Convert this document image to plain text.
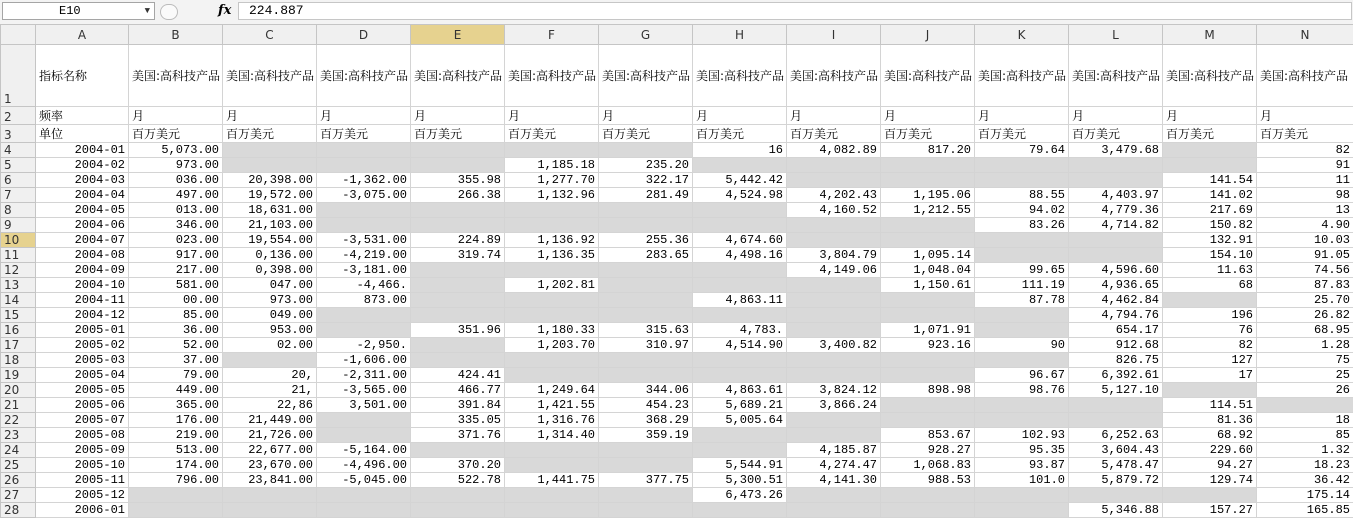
E10	▼	fx	224.887
	A	B	C	D	E	F	G	H	I	J	K	L	M	N
1	指标名称	美国:高科技产品	美国:高科技产品	美国:高科技产品	美国:高科技产品	美国:高科技产品	美国:高科技产品	美国:高科技产品	美国:高科技产品	美国:高科技产品	美国:高科技产品	美国:高科技产品	美国:高科技产品	美国:高科技产品
2	频率	月	月	月	月	月	月	月	月	月	月	月	月	月
3	单位	百万美元	百万美元	百万美元	百万美元	百万美元	百万美元	百万美元	百万美元	百万美元	百万美元	百万美元	百万美元	百万美元
4	2004-01	5,073.00						16	4,082.89	817.20	79.64	3,479.68		82
5	2004-02	973.00				1,185.18	235.20							91
6	2004-03	036.00	20,398.00	-1,362.00	355.98	1,277.70	322.17	5,442.42					141.54	11
7	2004-04	497.00	19,572.00	-3,075.00	266.38	1,132.96	281.49	4,524.98	4,202.43	1,195.06	88.55	4,403.97	141.02	98
8	2004-05	013.00	18,631.00						4,160.52	1,212.55	94.02	4,779.36	217.69	13
9	2004-06	346.00	21,103.00								83.26	4,714.82	150.82	4.90
10	2004-07	023.00	19,554.00	-3,531.00	224.89	1,136.92	255.36	4,674.60					132.91	10.03
11	2004-08	917.00	0,136.00	-4,219.00	319.74	1,136.35	283.65	4,498.16	3,804.79	1,095.14			154.10	91.05
12	2004-09	217.00	0,398.00	-3,181.00					4,149.06	1,048.04	99.65	4,596.60	11.63	74.56
13	2004-10	581.00	047.00	-4,466.		1,202.81				1,150.61	111.19	4,936.65	68	87.83
14	2004-11	00.00	973.00	873.00				4,863.11			87.78	4,462.84		25.70
15	2004-12	85.00	049.00									4,794.76	196	26.82
16	2005-01	36.00	953.00		351.96	1,180.33	315.63	4,783.		1,071.91		654.17	76	68.95
17	2005-02	52.00	02.00	-2,950.		1,203.70	310.97	4,514.90	3,400.82	923.16	90	912.68	82	1.28
18	2005-03	37.00		-1,606.00								826.75	127	75
19	2005-04	79.00	20,	-2,311.00	424.41						96.67	6,392.61	17	25
20	2005-05	449.00	21,	-3,565.00	466.77	1,249.64	344.06	4,863.61	3,824.12	898.98	98.76	5,127.10		26
21	2005-06	365.00	22,86	3,501.00	391.84	1,421.55	454.23	5,689.21	3,866.24				114.51	
22	2005-07	176.00	21,449.00		335.05	1,316.76	368.29	5,005.64					81.36	18
23	2005-08	219.00	21,726.00		371.76	1,314.40	359.19			853.67	102.93	6,252.63	68.92	85
24	2005-09	513.00	22,677.00	-5,164.00					4,185.87	928.27	95.35	3,604.43	229.60	1.32
25	2005-10	174.00	23,670.00	-4,496.00	370.20			5,544.91	4,274.47	1,068.83	93.87	5,478.47	94.27	18.23
26	2005-11	796.00	23,841.00	-5,045.00	522.78	1,441.75	377.75	5,300.51	4,141.30	988.53	101.0	5,879.72	129.74	36.42
27	2005-12							6,473.26						175.14
28	2006-01											5,346.88	157.27	165.85
